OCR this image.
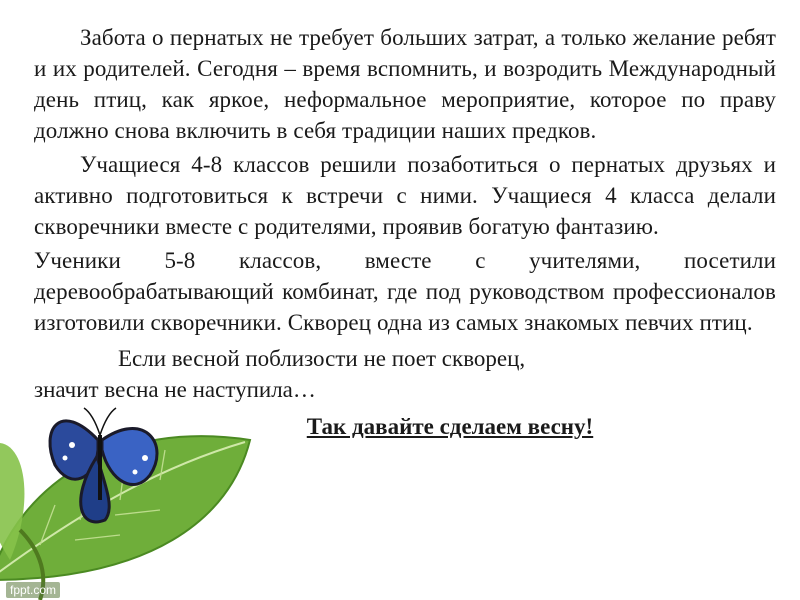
Забота о пернатых не требует больших затрат, а только желание ребят и их родителей. Сегодня – время вспомнить, и возродить Международный день птиц, как яркое, неформальное мероприятие, которое по праву должно снова включить в себя традиции наших предков.

Учащиеся 4-8 классов решили позаботиться о пернатых друзьях и активно подготовиться к встречи с ними. Учащиеся 4 класса делали скворечники вместе с родителями, проявив богатую фантазию.

Ученики 5-8 классов, вместе с учителями, посетили деревообрабатывающий комбинат, где под руководством профессионалов изготовили скворечники. Скворец одна из самых знакомых певчих птиц.

Если весной поблизости не поет скворец,
значит весна не наступила…
Так давайте сделаем весну!
fppt.com
